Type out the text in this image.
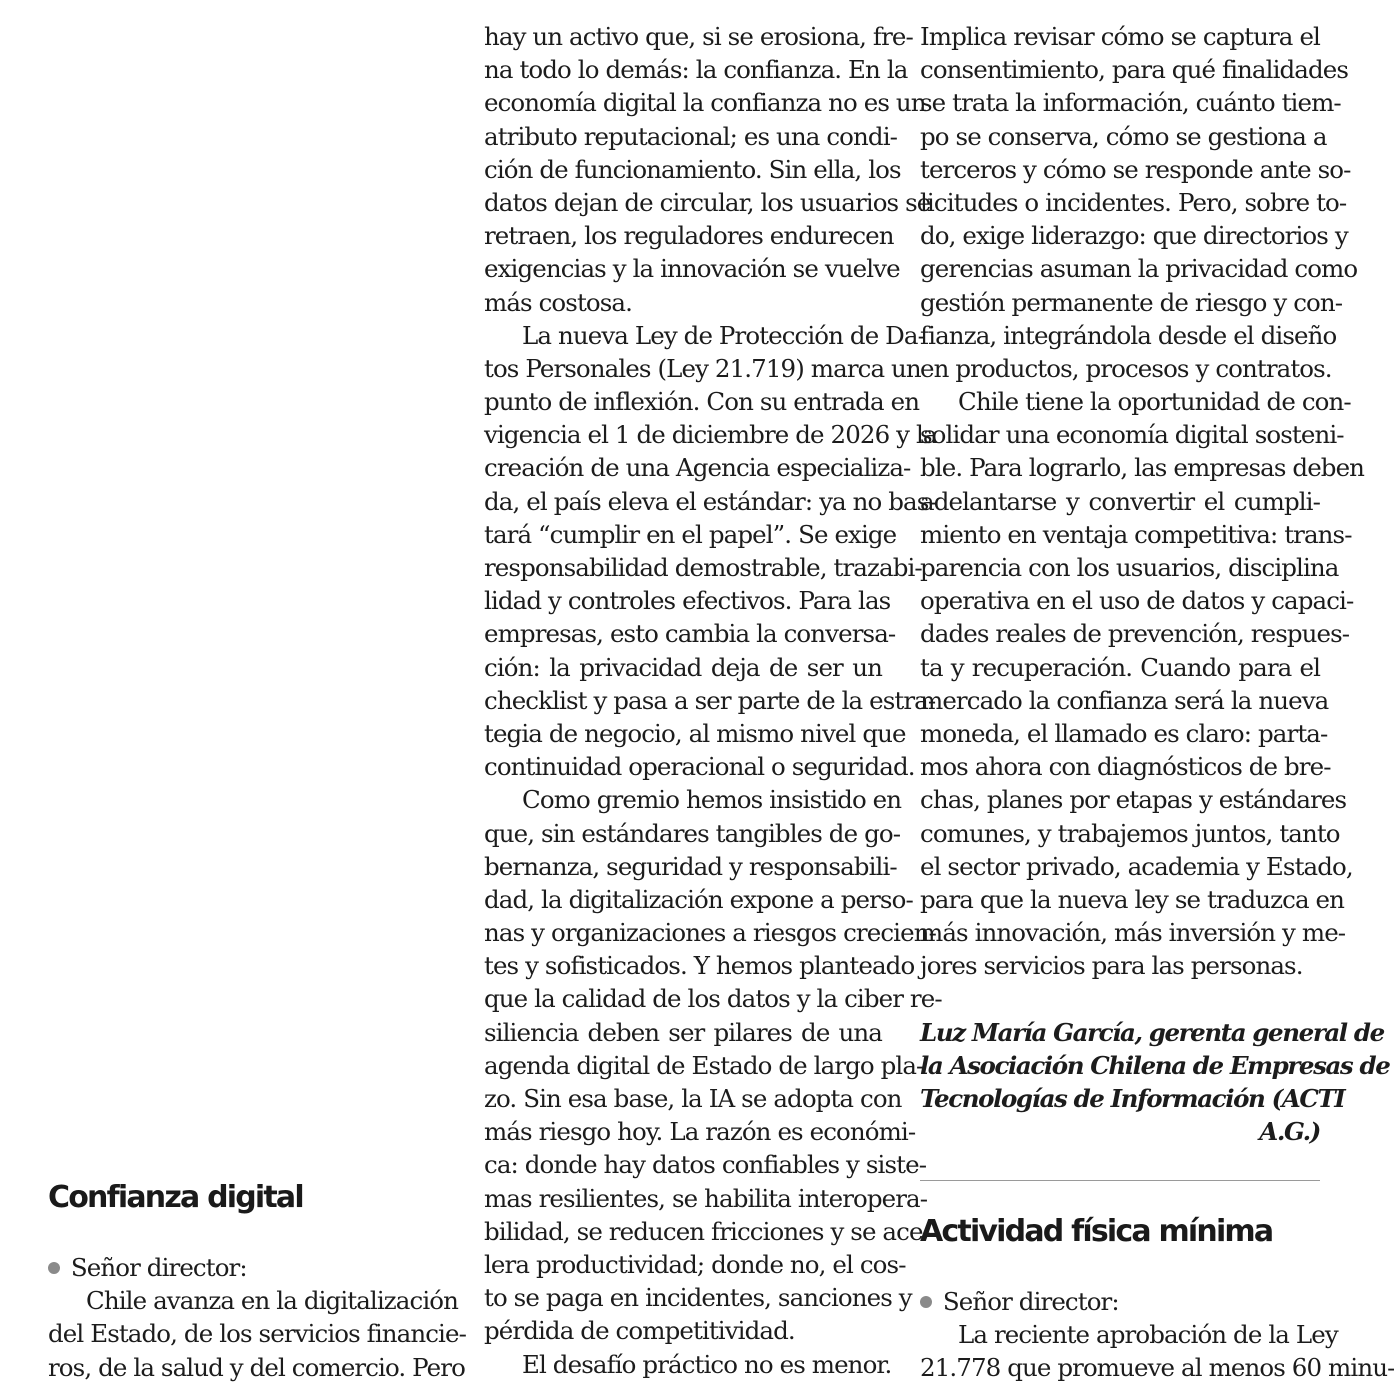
Confianza digital
Señor director:
Chile avanza en la digitalización
del Estado, de los servicios financie-
ros, de la salud y del comercio. Pero
hay un activo que, si se erosiona, fre-
na todo lo demás: la confianza. En la
economía digital la confianza no es un
atributo reputacional; es una condi-
ción de funcionamiento. Sin ella, los
datos dejan de circular, los usuarios se
retraen, los reguladores endurecen
exigencias y la innovación se vuelve
más costosa.
La nueva Ley de Protección de Da-
tos Personales (Ley 21.719) marca un
punto de inflexión. Con su entrada en
vigencia el 1 de diciembre de 2026 y la
creación de una Agencia especializa-
da, el país eleva el estándar: ya no bas-
tará “cumplir en el papel”. Se exige
responsabilidad demostrable, trazabi-
lidad y controles efectivos. Para las
empresas, esto cambia la conversa-
ción: la privacidad deja de ser un
checklist y pasa a ser parte de la estra-
tegia de negocio, al mismo nivel que
continuidad operacional o seguridad.
Como gremio hemos insistido en
que, sin estándares tangibles de go-
bernanza, seguridad y responsabili-
dad, la digitalización expone a perso-
nas y organizaciones a riesgos crecien-
tes y sofisticados. Y hemos planteado
que la calidad de los datos y la ciber re-
siliencia deben ser pilares de una
agenda digital de Estado de largo pla-
zo. Sin esa base, la IA se adopta con
más riesgo hoy. La razón es económi-
ca: donde hay datos confiables y siste-
mas resilientes, se habilita interopera-
bilidad, se reducen fricciones y se ace-
lera productividad; donde no, el cos-
to se paga en incidentes, sanciones y
pérdida de competitividad.
El desafío práctico no es menor.
Implica revisar cómo se captura el
consentimiento, para qué finalidades
se trata la información, cuánto tiem-
po se conserva, cómo se gestiona a
terceros y cómo se responde ante so-
licitudes o incidentes. Pero, sobre to-
do, exige liderazgo: que directorios y
gerencias asuman la privacidad como
gestión permanente de riesgo y con-
fianza, integrándola desde el diseño
en productos, procesos y contratos.
Chile tiene la oportunidad de con-
solidar una economía digital sosteni-
ble. Para lograrlo, las empresas deben
adelantarse y convertir el cumpli-
miento en ventaja competitiva: trans-
parencia con los usuarios, disciplina
operativa en el uso de datos y capaci-
dades reales de prevención, respues-
ta y recuperación. Cuando para el
mercado la confianza será la nueva
moneda, el llamado es claro: parta-
mos ahora con diagnósticos de bre-
chas, planes por etapas y estándares
comunes, y trabajemos juntos, tanto
el sector privado, academia y Estado,
para que la nueva ley se traduzca en
más innovación, más inversión y me-
jores servicios para las personas.
Luz María García, gerenta general de
la Asociación Chilena de Empresas de
Tecnologías de Información (ACTI
A.G.)
Actividad física mínima
Señor director:
La reciente aprobación de la Ley
21.778 que promueve al menos 60 minu-
